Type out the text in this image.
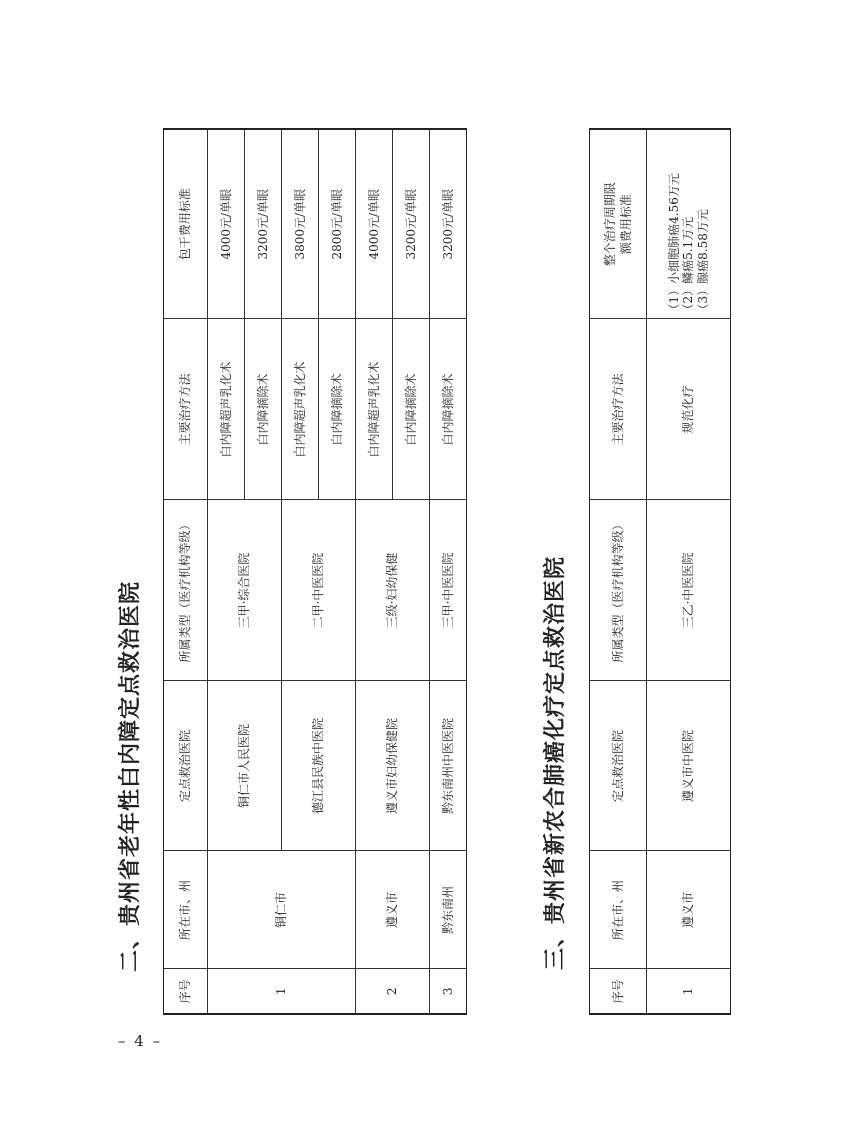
– 4 –
二、贵州省老年性白内障定点救治医院
序号	所在市、州	定点救治医院	所属类型（医疗机构等级）	主要治疗方法	包干费用标准
1	铜仁市	铜仁市人民医院	三甲·综合医院	白内障超声乳化术	4000元/单眼
				白内障摘除术	3200元/单眼
		德江县民族中医院	二甲·中医医院	白内障超声乳化术	3800元/单眼
				白内障摘除术	2800元/单眼
2	遵义市	遵义市妇幼保健院	三级·妇幼保健	白内障超声乳化术	4000元/单眼
				白内障摘除术	3200元/单眼
3	黔东南州	黔东南州中医医院	三甲·中医医院	白内障摘除术	3200元/单眼
三、贵州省新农合肺癌化疗定点救治医院
序号	所在市、州	定点救治医院	所属类型（医疗机构等级）	主要治疗方法	整个治疗周期限额费用标准
1	遵义市	遵义市中医院	三乙·中医医院	规范化疗	（1）小细胞肺癌4.56万元 （2）鳞癌5.1万元 （3）腺癌8.58万元
